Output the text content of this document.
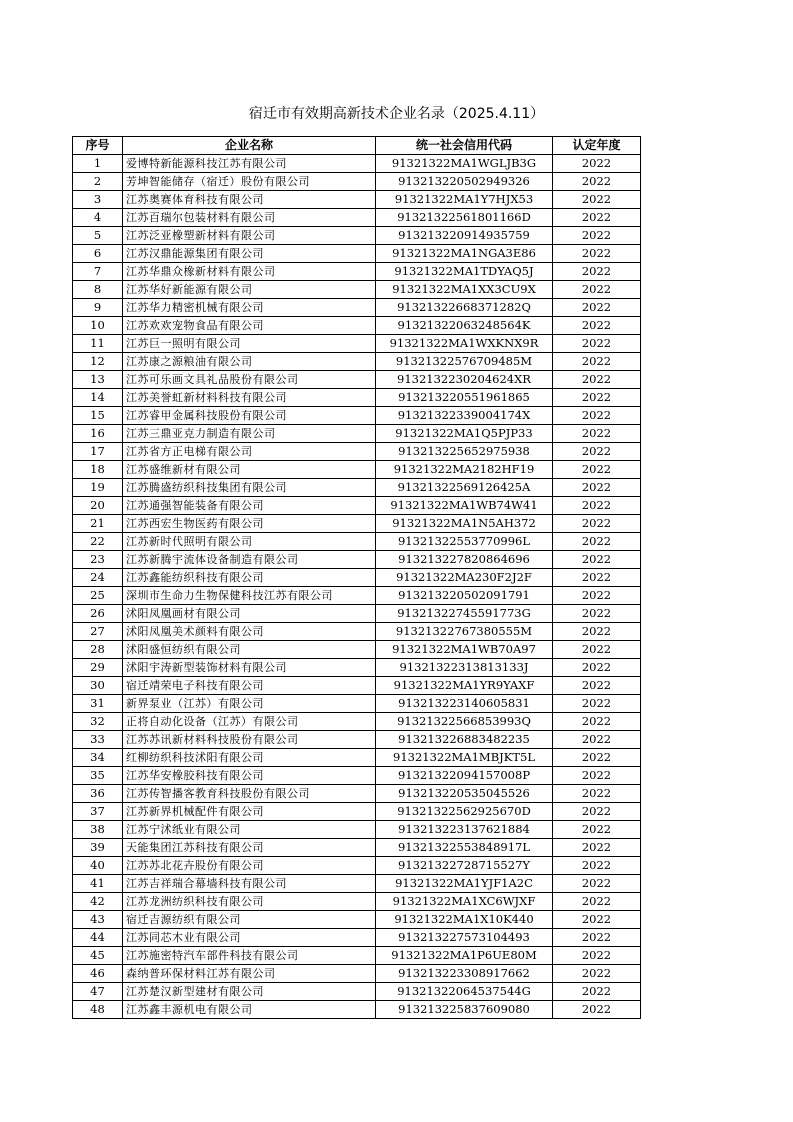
宿迁市有效期高新技术企业名录（2025.4.11）
序号	企业名称	统一社会信用代码	认定年度
1	爱博特新能源科技江苏有限公司	91321322MA1WGLJB3G	2022
2	芳坤智能储存（宿迁）股份有限公司	913213220502949326	2022
3	江苏奥赛体育科技有限公司	91321322MA1Y7HJX53	2022
4	江苏百瑞尔包装材料有限公司	91321322561801166D	2022
5	江苏泛亚橡塑新材料有限公司	913213220914935759	2022
6	江苏汉鼎能源集团有限公司	91321322MA1NGA3E86	2022
7	江苏华鼎众橡新材料有限公司	91321322MA1TDYAQ5J	2022
8	江苏华好新能源有限公司	91321322MA1XX3CU9X	2022
9	江苏华力精密机械有限公司	91321322668371282Q	2022
10	江苏欢欢宠物食品有限公司	91321322063248564K	2022
11	江苏巨一照明有限公司	91321322MA1WXKNX9R	2022
12	江苏康之源粮油有限公司	91321322576709485M	2022
13	江苏可乐画文具礼品股份有限公司	9132132230204624XR	2022
14	江苏美誉虹新材料科技有限公司	913213220551961865	2022
15	江苏睿甲金属科技股份有限公司	9132132233900417​4X	2022
16	江苏三鼎亚克力制造有限公司	91321322MA1Q5PJP33	2022
17	江苏省方正电梯有限公司	913213225652975938	2022
18	江苏盛维新材有限公司	91321322MA2182HF19	2022
19	江苏腾盛纺织科技集团有限公司	91321322569126425A	2022
20	江苏通强智能装备有限公司	91321322MA1WB74W41	2022
21	江苏西宏生物医药有限公司	91321322MA1N5AH372	2022
22	江苏新时代照明有限公司	91321322553770996L	2022
23	江苏新腾宇流体设备制造有限公司	913213227820864696	2022
24	江苏鑫能纺织科技有限公司	91321322MA230F2J2F	2022
25	深圳市生命力生物保健科技江苏有限公司	913213220502091791	2022
26	沭阳凤凰画材有限公司	91321322745591773G	2022
27	沭阳凤凰美术颜料有限公司	91321322767380555M	2022
28	沭阳盛恒纺织有限公司	91321322MA1WB70A97	2022
29	沭阳宇涛新型装饰材料有限公司	91321322313813133J	2022
30	宿迁靖荣电子科技有限公司	91321322MA1YR9YAXF	2022
31	新界泵业（江苏）有限公司	913213223140605831	2022
32	正将自动化设备（江苏）有限公司	91321322566853993Q	2022
33	江苏苏讯新材料科技股份有限公司	913213226883482235	2022
34	红柳纺织科技沭阳有限公司	91321322MA1MBJKT5L	2022
35	江苏华安橡胶科技有限公司	91321322094157008P	2022
36	江苏传智播客教育科技股份有限公司	913213220535045526	2022
37	江苏新界机械配件有限公司	91321322562925670D	2022
38	江苏宁沭纸业有限公司	913213223137621884	2022
39	天能集团江苏科技有限公司	91321322553848917L	2022
40	江苏苏北花卉股份有限公司	91321322728715527Y	2022
41	江苏吉祥瑞合幕墙科技有限公司	91321322MA1YJF1A2C	2022
42	江苏龙洲纺织科技有限公司	91321322MA1XC6WJXF	2022
43	宿迁吉源纺织有限公司	91321322MA1X10K440	2022
44	江苏同芯木业有限公司	913213227573104493	2022
45	江苏施密特汽车部件科技有限公司	91321322MA1P6UE80M	2022
46	森纳普环保材料江苏有限公司	913213223308917662	2022
47	江苏楚汉新型建材有限公司	91321322064537544G	2022
48	江苏鑫丰源机电有限公司	913213225837609080	2022
